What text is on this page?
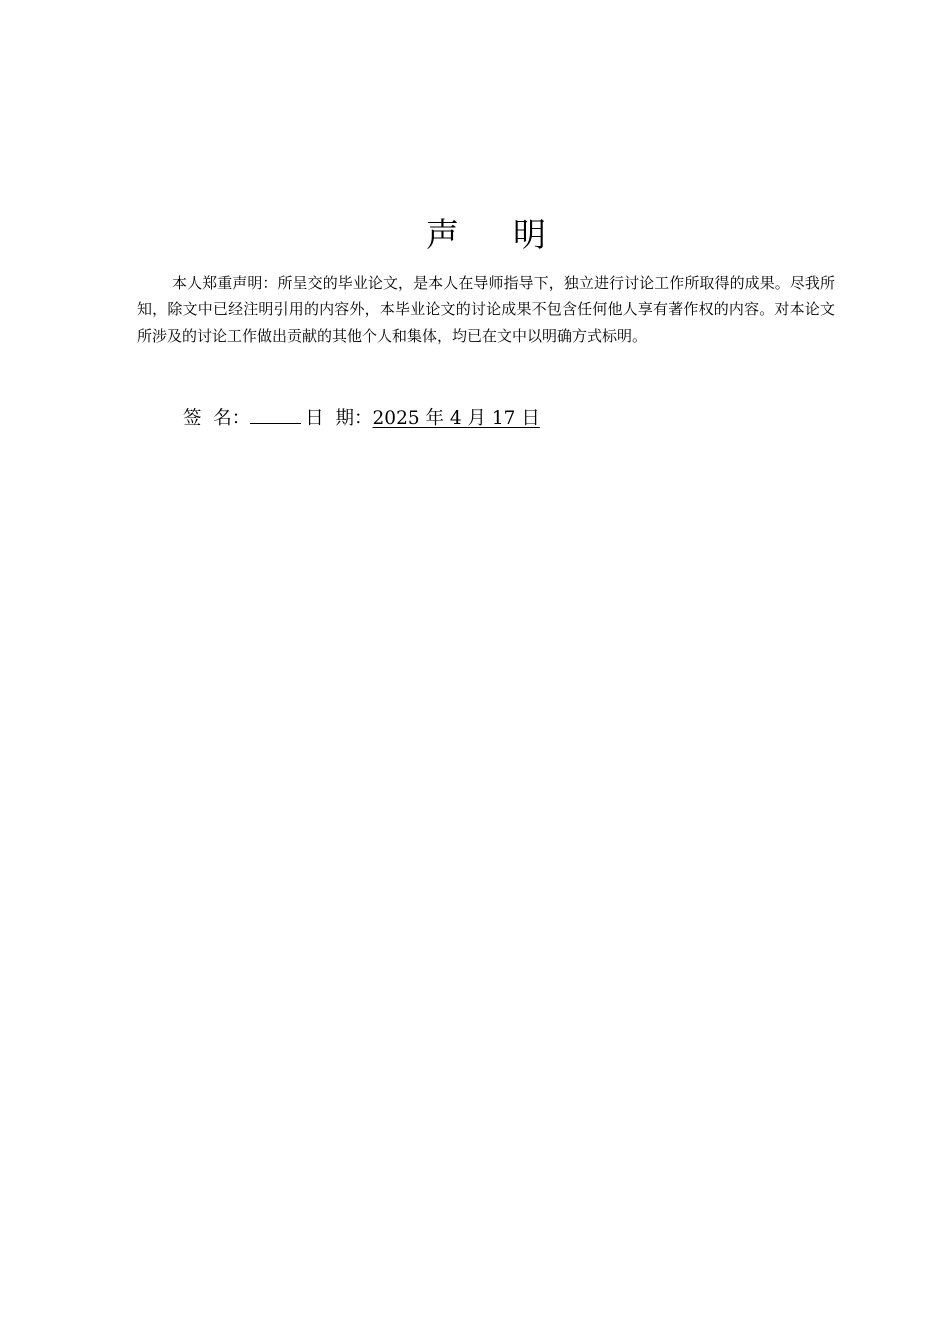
声 明

本人郑重声明：所呈交的毕业论文，是本人在导师指导下，独立进行讨论工作所取得的成果。尽我所知，除文中已经注明引用的内容外，本毕业论文的讨论成果不包含任何他人享有著作权的内容。对本论文所涉及的讨论工作做出贡献的其他个人和集体，均已在文中以明确方式标明。

签  名：	日  期：2025 年 4 月 17 日
